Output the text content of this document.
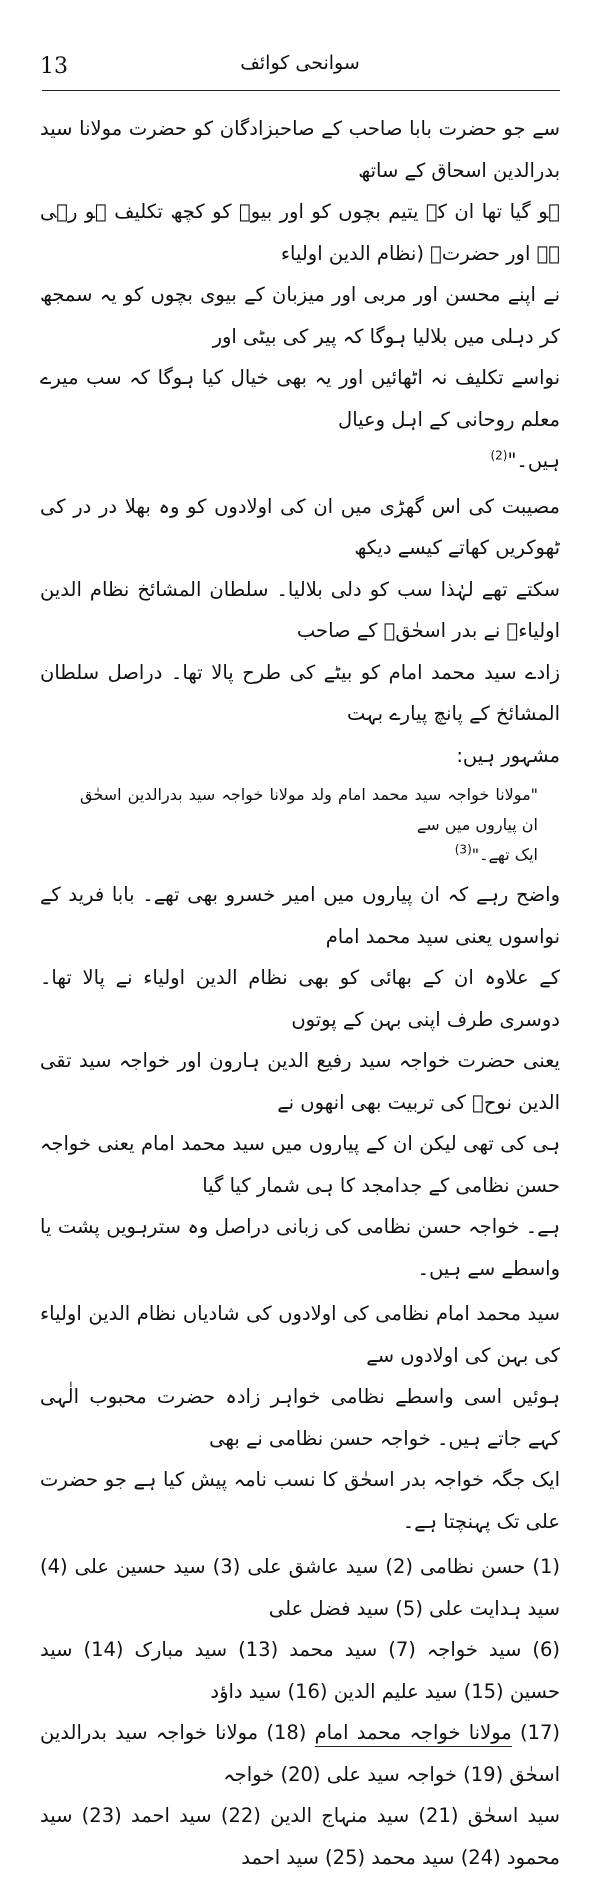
13	سوانحی کوائف

سے جو حضرت بابا صاحب کے صاحبزادگان کو حضرت مولانا سید بدرالدین اسحاق کے ساتھ
ہو گیا تھا ان کے یتیم بچوں کو اور بیوہ کو کچھ تکلیف ہو رہی ہے اور حضرتؒ (نظام الدین اولیاء
نے اپنے محسن اور مربی اور میزبان کے بیوی بچوں کو یہ سمجھ کر دہلی میں بلالیا ہوگا کہ پیر کی بیٹی اور
نواسے تکلیف نہ اٹھائیں اور یہ بھی خیال کیا ہوگا کہ سب میرے معلم روحانی کے اہل وعیال
ہیں۔"$^{(2)}$

مصیبت کی اس گھڑی میں ان کی اولادوں کو وہ بھلا در در کی ٹھوکریں کھاتے کیسے دیکھ
سکتے تھے لہٰذا سب کو دلی بلالیا۔ سلطان المشائخ نظام الدین اولیاءؒ نے بدر اسحٰقؒ کے صاحب
زادے سید محمد امام کو بیٹے کی طرح پالا تھا۔ دراصل سلطان المشائخ کے پانچ پیارے بہت
مشہور ہیں:

"مولانا خواجہ سید محمد امام ولد مولانا خواجہ سید بدرالدین اسحٰق ان پیاروں میں سے
ایک تھے۔"$^{(3)}$

واضح رہے کہ ان پیاروں میں امیر خسرو بھی تھے۔ بابا فرید کے نواسوں یعنی سید محمد امام
کے علاوہ ان کے بھائی کو بھی نظام الدین اولیاء نے پالا تھا۔ دوسری طرف اپنی بہن کے پوتوں
یعنی حضرت خواجہ سید رفیع الدین ہارون اور خواجہ سید تقی الدین نوحؒ کی تربیت بھی انھوں نے
ہی کی تھی لیکن ان کے پیاروں میں سید محمد امام یعنی خواجہ حسن نظامی کے جدامجد کا ہی شمار کیا گیا
ہے۔ خواجہ حسن نظامی کی زبانی دراصل وہ سترہویں پشت یا واسطے سے ہیں۔

سید محمد امام نظامی کی اولادوں کی شادیاں نظام الدین اولیاء کی بہن کی اولادوں سے
ہوئیں اسی واسطے نظامی خواہر زادہ حضرت محبوب الٰہی کہے جاتے ہیں۔ خواجہ حسن نظامی نے بھی
ایک جگہ خواجہ بدر اسحٰق کا نسب نامہ پیش کیا ہے جو حضرت علی تک پہنچتا ہے۔

(1) حسن نظامی (2) سید عاشق علی (3) سید حسین علی (4) سید ہدایت علی (5) سید فضل علی
(6) سید خواجہ (7) سید محمد (13) سید مبارک (14) سید حسین (15) سید علیم الدین (16) سید داؤد
(17) مولانا خواجہ محمد امام (18) مولانا خواجہ سید بدرالدین اسحٰق (19) خواجہ سید علی (20) خواجہ
سید اسحٰق (21) سید منہاج الدین (22) سید احمد (23) سید محمود (24) سید محمد (25) سید احمد
